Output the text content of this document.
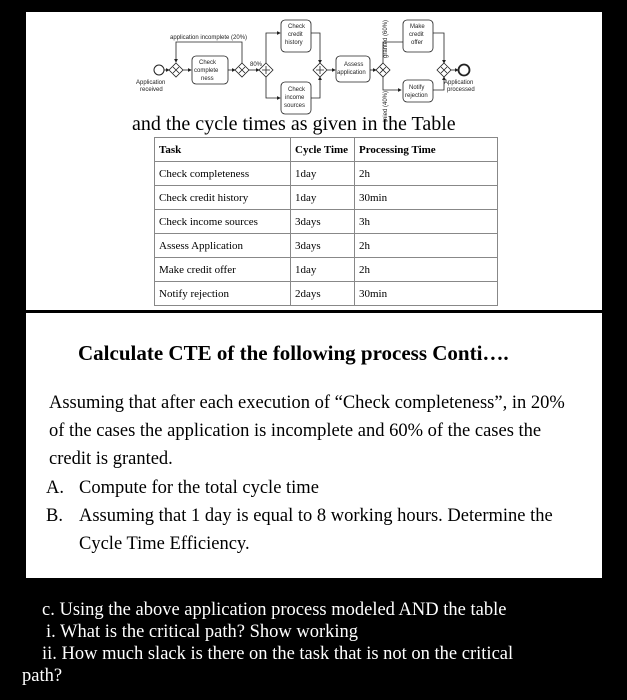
application incomplete (20%)
Application
received
Check
complete
ness
80%
Check
credit
history
Check
income
sources
Assess
application
granted (60%)
nied (40%)
Make
credit
offer
Notify
rejection
Application
processed
and the cycle times as given in the Table
Task	Cycle Time	Processing Time
Check completeness	1day	2h
Check credit history	1day	30min
Check income sources	3days	3h
Assess Application	3days	2h
Make credit offer	1day	2h
Notify rejection	2days	30min
Calculate CTE of the following process Conti….

Assuming that after each execution of “Check completeness”, in 20% of the cases the application is incomplete and 60% of the cases the credit is granted.

A. Compute for the total cycle time
B. Assuming that 1 day is equal to 8 working hours. Determine the Cycle Time Efficiency.
c. Using the above application process modeled AND the table
i. What is the critical path? Show working
ii. How much slack is there on the task that is not on the critical
path?
